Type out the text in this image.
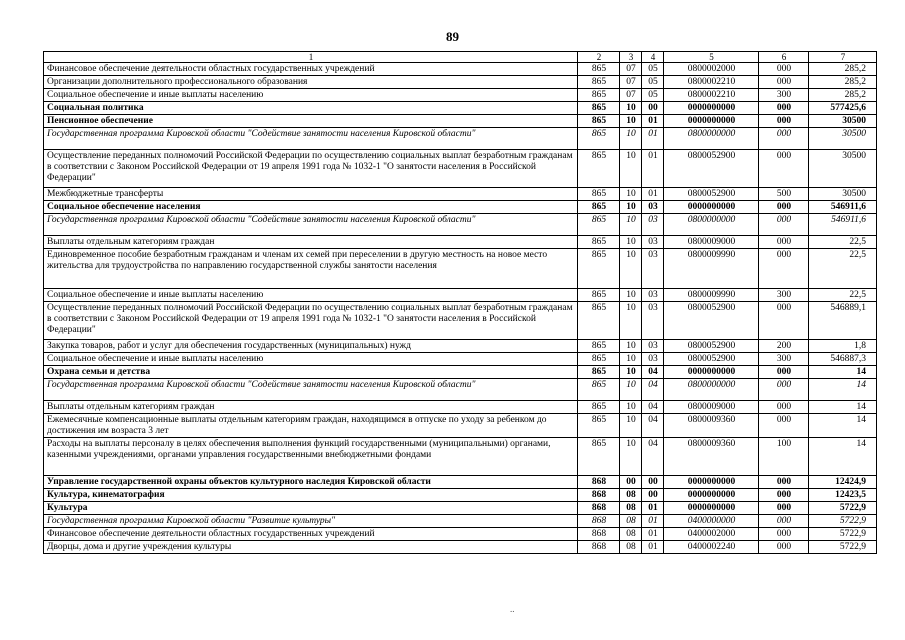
89
1	2	3	4	5	6	7
Финансовое обеспечение деятельности областных государственных учреждений	865	07	05	0800002000	000	285,2
Организации дополнительного профессионального образования	865	07	05	0800002210	000	285,2
Социальное обеспечение и иные выплаты населению	865	07	05	0800002210	300	285,2
Социальная политика	865	10	00	0000000000	000	577425,6
Пенсионное обеспечение	865	10	01	0000000000	000	30500
Государственная программа Кировской области "Содействие занятости населения Кировской области"	865	10	01	0800000000	000	30500
Осуществление переданных полномочий Российской Федерации по осуществлению социальных выплат безработным гражданам в соответствии с Законом Российской Федерации от 19 апреля 1991 года № 1032-1 "О занятости населения в Российской Федерации"	865	10	01	0800052900	000	30500
Межбюджетные трансферты	865	10	01	0800052900	500	30500
Социальное обеспечение населения	865	10	03	0000000000	000	546911,6
Государственная программа Кировской области "Содействие занятости населения Кировской области"	865	10	03	0800000000	000	546911,6
Выплаты отдельным категориям граждан	865	10	03	0800009000	000	22,5
Единовременное пособие безработным гражданам и членам их семей при переселении в другую местность на новое место жительства для трудоустройства по направлению государственной службы занятости населения	865	10	03	0800009990	000	22,5
Социальное обеспечение и иные выплаты населению	865	10	03	0800009990	300	22,5
Осуществление переданных полномочий Российской Федерации по осуществлению социальных выплат безработным гражданам в соответствии с Законом Российской Федерации от 19 апреля 1991 года № 1032-1 "О занятости населения в Российской Федерации"	865	10	03	0800052900	000	546889,1
Закупка товаров, работ и услуг для обеспечения государственных (муниципальных) нужд	865	10	03	0800052900	200	1,8
Социальное обеспечение и иные выплаты населению	865	10	03	0800052900	300	546887,3
Охрана семьи и детства	865	10	04	0000000000	000	14
Государственная программа Кировской области "Содействие занятости населения Кировской области"	865	10	04	0800000000	000	14
Выплаты отдельным категориям граждан	865	10	04	0800009000	000	14
Ежемесячные компенсационные выплаты отдельным категориям граждан, находящимся в отпуске по уходу за ребенком до достижения им возраста 3 лет	865	10	04	0800009360	000	14
Расходы на выплаты персоналу в целях обеспечения выполнения функций государственными (муниципальными) органами, казенными учреждениями, органами управления государственными внебюджетными фондами	865	10	04	0800009360	100	14
Управление государственной охраны объектов культурного наследия Кировской области	868	00	00	0000000000	000	12424,9
Культура, кинематография	868	08	00	0000000000	000	12423,5
Культура	868	08	01	0000000000	000	5722,9
Государственная программа Кировской области "Развитие культуры"	868	08	01	0400000000	000	5722,9
Финансовое обеспечение деятельности областных государственных учреждений	868	08	01	0400002000	000	5722,9
Дворцы, дома и другие учреждения культуры	868	08	01	0400002240	000	5722,9
..
